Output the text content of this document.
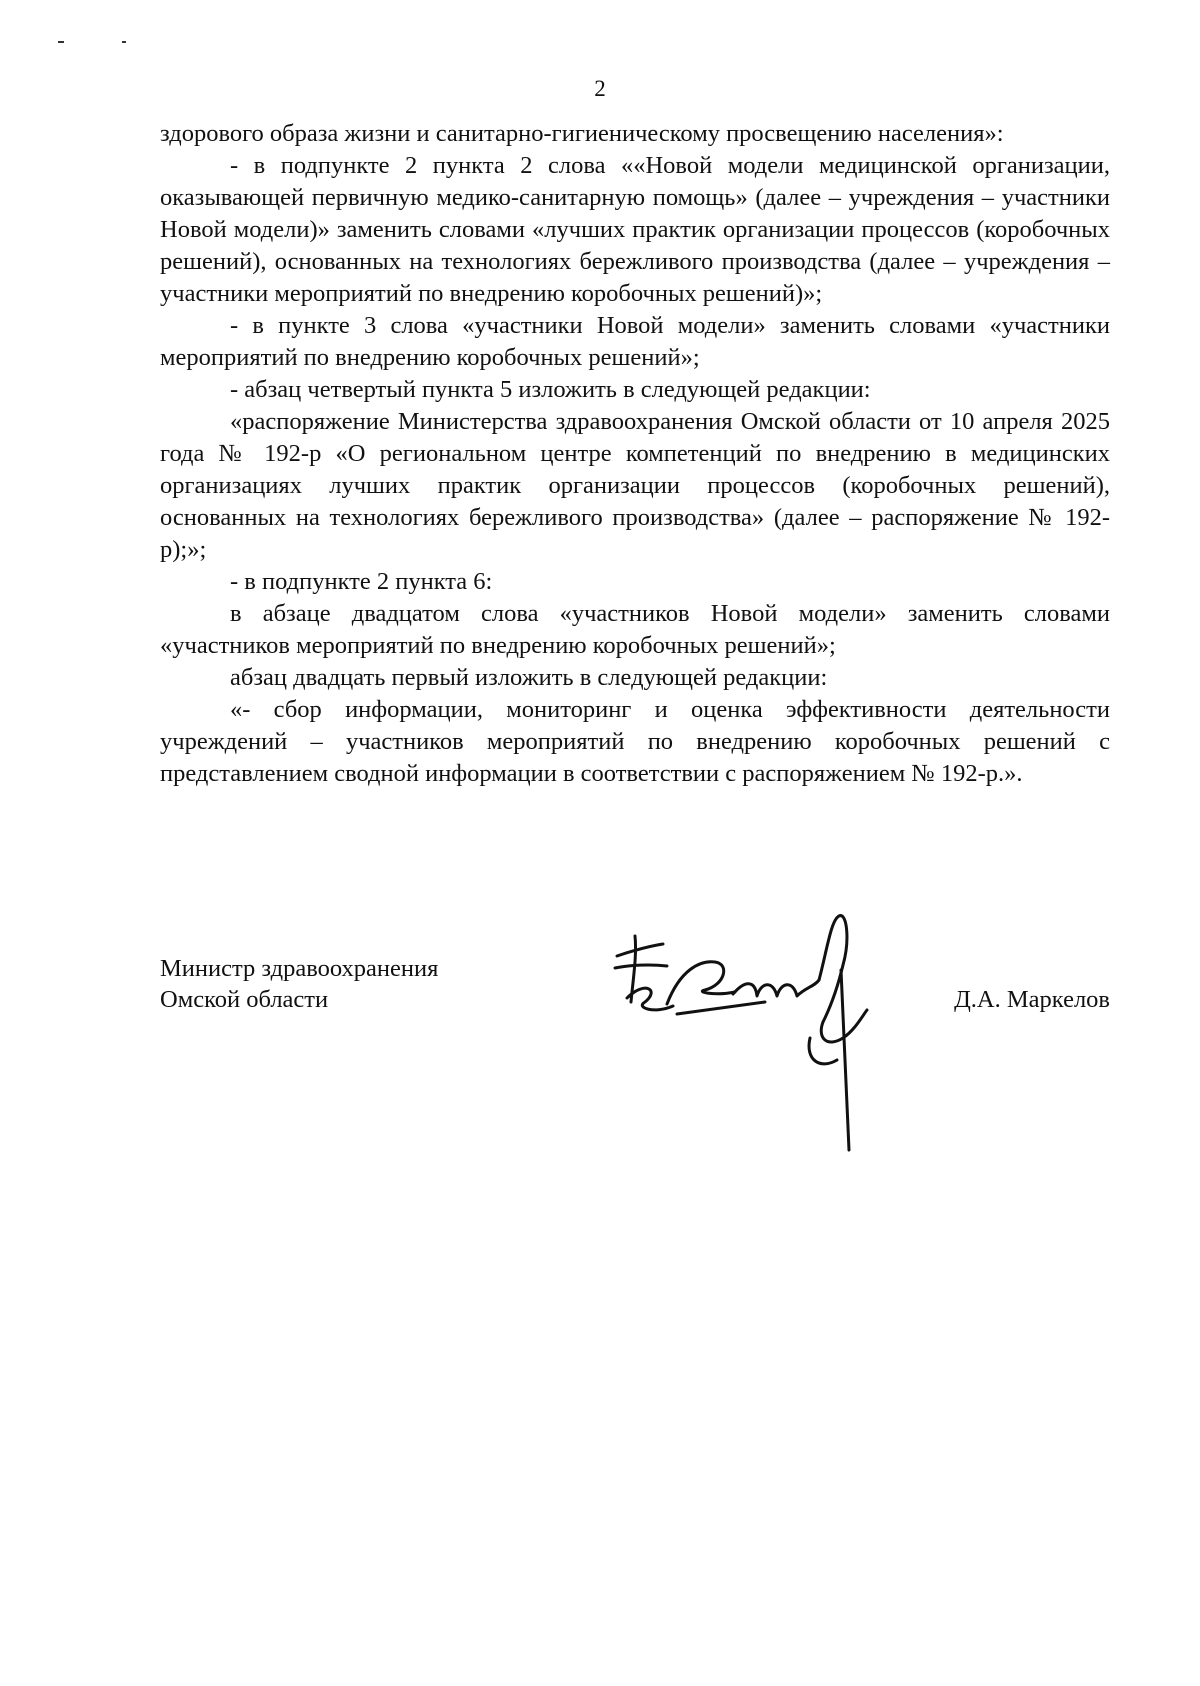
2

здорового образа жизни и санитарно-гигиеническому просвещению населения»:

- в подпункте 2 пункта 2 слова ««Новой модели медицинской организации, оказывающей первичную медико-санитарную помощь» (далее – учреждения – участники Новой модели)» заменить словами «лучших практик организации процессов (коробочных решений), основанных на технологиях бережливого производства (далее – учреждения – участники мероприятий по внедрению коробочных решений)»;

- в пункте 3 слова «участники Новой модели» заменить словами «участники мероприятий по внедрению коробочных решений»;

- абзац четвертый пункта 5 изложить в следующей редакции:

«распоряжение Министерства здравоохранения Омской области от 10 апреля 2025 года № 192-р «О региональном центре компетенций по внедрению в медицинских организациях лучших практик организации процессов (коробочных решений), основанных на технологиях бережливого производства» (далее – распоряжение № 192-р);»;

- в подпункте 2 пункта 6:

в абзаце двадцатом слова «участников Новой модели» заменить словами «участников мероприятий по внедрению коробочных решений»;

абзац двадцать первый изложить в следующей редакции:

«- сбор информации, мониторинг и оценка эффективности деятельности учреждений – участников мероприятий по внедрению коробочных решений с представлением сводной информации в соответствии с распоряжением № 192-р.».

Министр здравоохранения
Омской области	Д.А. Маркелов
